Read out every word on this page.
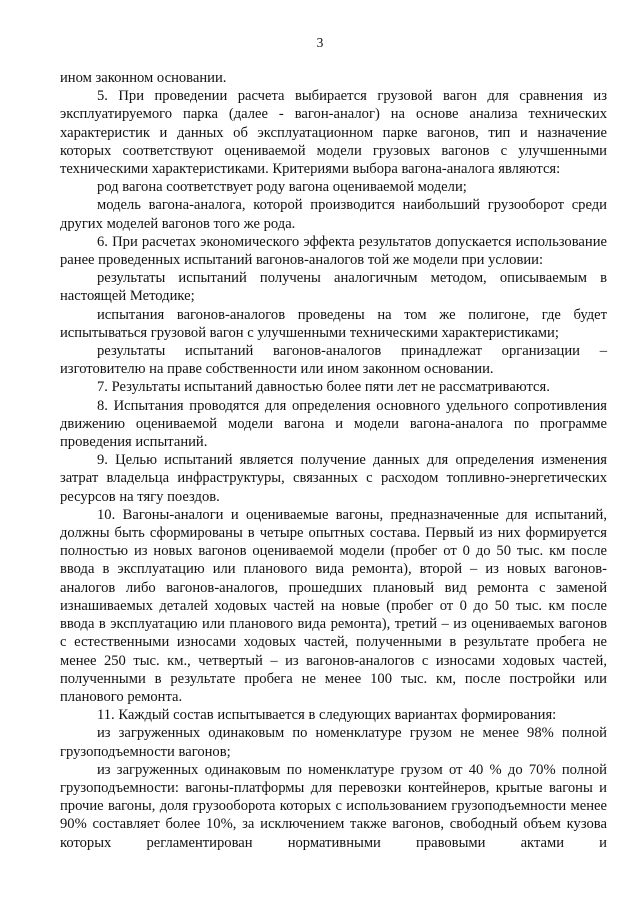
3

ином законном основании.

5. При проведении расчета выбирается грузовой вагон для сравнения из эксплуатируемого парка (далее - вагон-аналог) на основе анализа технических характеристик и данных об эксплуатационном парке вагонов, тип и назначение которых соответствуют оцениваемой модели грузовых вагонов с улучшенными техническими характеристиками. Критериями выбора вагона-аналога являются:

род вагона соответствует роду вагона оцениваемой модели;

модель вагона-аналога, которой производится наибольший грузооборот среди других моделей вагонов того же рода.

6. При расчетах экономического эффекта результатов допускается использование ранее проведенных испытаний вагонов-аналогов той же модели при условии:

результаты испытаний получены аналогичным методом, описываемым в настоящей Методике;

испытания вагонов-аналогов проведены на том же полигоне, где будет испытываться грузовой вагон с улучшенными техническими характеристиками;

результаты испытаний вагонов-аналогов принадлежат организации – изготовителю на праве собственности или ином законном основании.

7. Результаты испытаний давностью более пяти лет не рассматриваются.

8. Испытания проводятся для определения основного удельного сопротивления движению оцениваемой модели вагона и модели вагона-аналога по программе проведения испытаний.

9. Целью испытаний является получение данных для определения изменения затрат владельца инфраструктуры, связанных с расходом топливно-энергетических ресурсов на тягу поездов.

10. Вагоны-аналоги и оцениваемые вагоны, предназначенные для испытаний, должны быть сформированы в четыре опытных состава. Первый из них формируется полностью из новых вагонов оцениваемой модели (пробег от 0 до 50 тыс. км после ввода в эксплуатацию или планового вида ремонта), второй – из новых вагонов-аналогов либо вагонов-аналогов, прошедших плановый вид ремонта с заменой изнашиваемых деталей ходовых частей на новые (пробег от 0 до 50 тыс. км после ввода в эксплуатацию или планового вида ремонта), третий – из оцениваемых вагонов с естественными износами ходовых частей, полученными в результате пробега не менее 250 тыс. км., четвертый – из вагонов-аналогов с износами ходовых частей, полученными в результате пробега не менее 100 тыс. км, после постройки или планового ремонта.

11. Каждый состав испытывается в следующих вариантах формирования:

из загруженных одинаковым по номенклатуре грузом не менее 98% полной грузоподъемности вагонов;

из загруженных одинаковым по номенклатуре грузом от 40 % до 70% полной грузоподъемности: вагоны-платформы для перевозки контейнеров, крытые вагоны и прочие вагоны, доля грузооборота которых с использованием грузоподъемности менее 90% составляет более 10%, за исключением также вагонов, свободный объем кузова которых регламентирован нормативными правовыми актами и
